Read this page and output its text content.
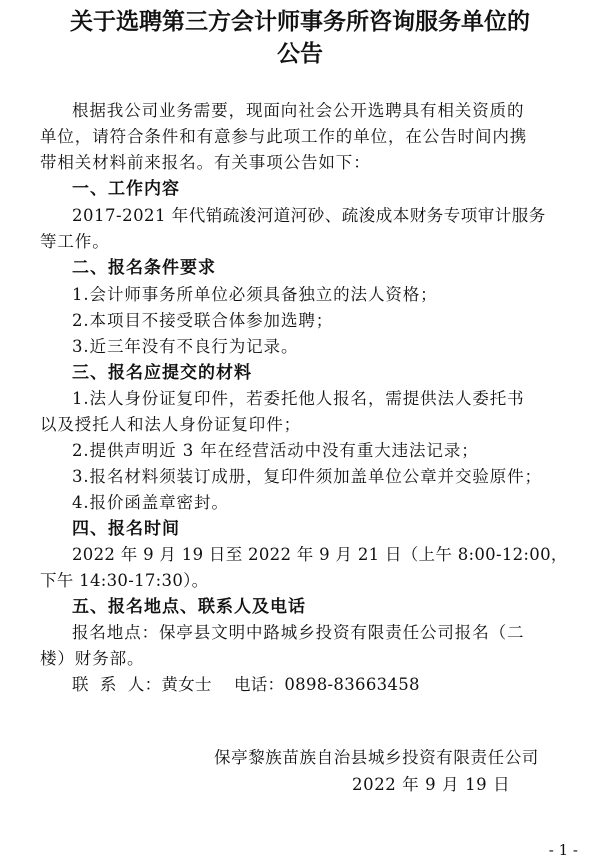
关于选聘第三方会计师事务所咨询服务单位的
公告
根据我公司业务需要，现面向社会公开选聘具有相关资质的
单位，请符合条件和有意参与此项工作的单位，在公告时间内携
带相关材料前来报名。有关事项公告如下：
一、工作内容
2017-2021 年代销疏浚河道河砂、疏浚成本财务专项审计服务
等工作。
二、报名条件要求
1.会计师事务所单位必须具备独立的法人资格；
2.本项目不接受联合体参加选聘；
3.近三年没有不良行为记录。
三、报名应提交的材料
1.法人身份证复印件，若委托他人报名，需提供法人委托书
以及授托人和法人身份证复印件；
2.提供声明近 3 年在经营活动中没有重大违法记录；
3.报名材料须装订成册，复印件须加盖单位公章并交验原件；
4.报价函盖章密封。
四、报名时间
2022 年 9 月 19 日至 2022 年 9 月 21 日（上午 8:00-12:00，
下午 14:30-17:30）。
五、报名地点、联系人及电话
报名地点：保亭县文明中路城乡投资有限责任公司报名（二
楼）财务部。
联  系  人：黄女士    电话：0898-83663458
保亭黎族苗族自治县城乡投资有限责任公司
2022 年 9 月 19 日
- 1 -
